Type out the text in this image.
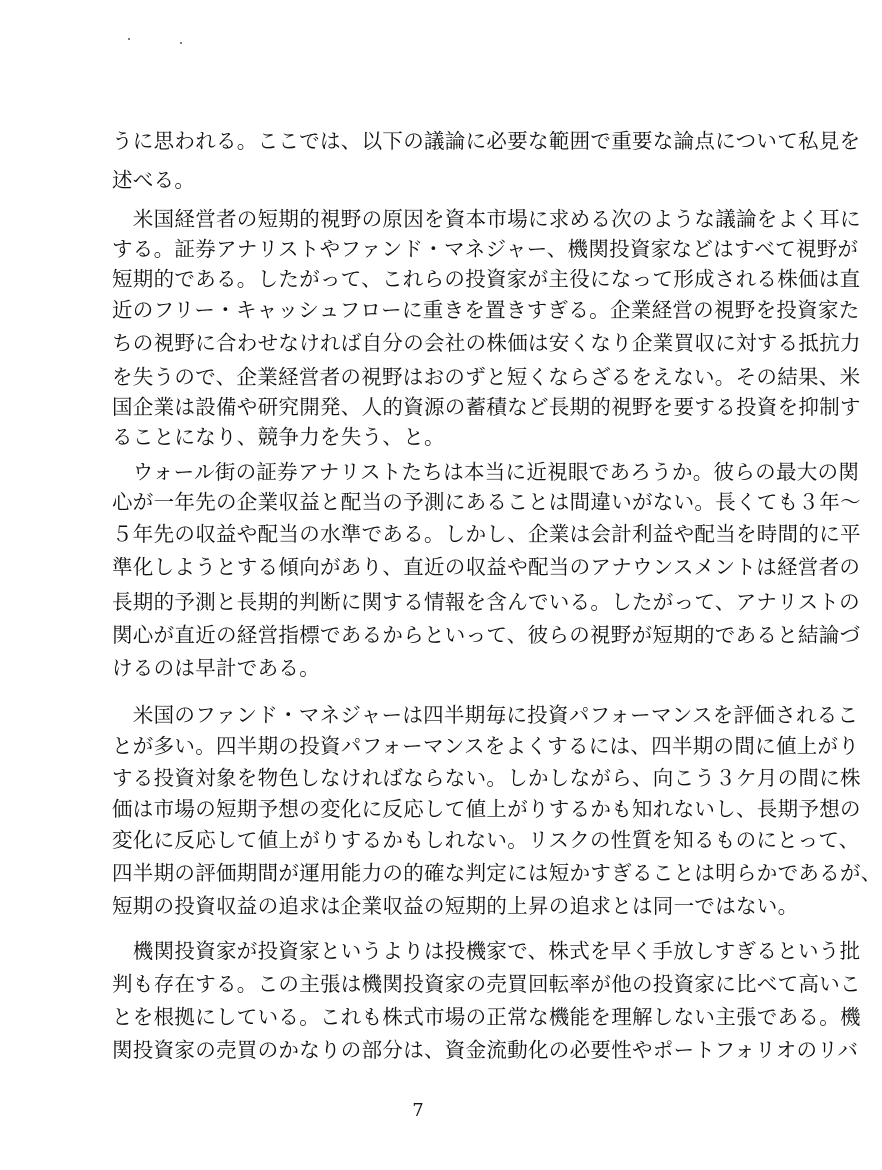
うに思われる。ここでは、以下の議論に必要な範囲で重要な論点について私見を
述べる。
　米国経営者の短期的視野の原因を資本市場に求める次のような議論をよく耳に
する。証券アナリストやファンド・マネジャー、機関投資家などはすべて視野が
短期的である。したがって、これらの投資家が主役になって形成される株価は直
近のフリー・キャッシュフローに重きを置きすぎる。企業経営の視野を投資家た
ちの視野に合わせなければ自分の会社の株価は安くなり企業買収に対する抵抗力
を失うので、企業経営者の視野はおのずと短くならざるをえない。その結果、米
国企業は設備や研究開発、人的資源の蓄積など長期的視野を要する投資を抑制す
ることになり、競争力を失う、と。
　ウォール街の証券アナリストたちは本当に近視眼であろうか。彼らの最大の関
心が一年先の企業収益と配当の予測にあることは間違いがない。長くても３年〜
５年先の収益や配当の水準である。しかし、企業は会計利益や配当を時間的に平
準化しようとする傾向があり、直近の収益や配当のアナウンスメントは経営者の
長期的予測と長期的判断に関する情報を含んでいる。したがって、アナリストの
関心が直近の経営指標であるからといって、彼らの視野が短期的であると結論づ
けるのは早計である。
　米国のファンド・マネジャーは四半期毎に投資パフォーマンスを評価されるこ
とが多い。四半期の投資パフォーマンスをよくするには、四半期の間に値上がり
する投資対象を物色しなければならない。しかしながら、向こう３ケ月の間に株
価は市場の短期予想の変化に反応して値上がりするかも知れないし、長期予想の
変化に反応して値上がりするかもしれない。リスクの性質を知るものにとって、
四半期の評価期間が運用能力の的確な判定には短かすぎることは明らかであるが、
短期の投資収益の追求は企業収益の短期的上昇の追求とは同一ではない。
　機関投資家が投資家というよりは投機家で、株式を早く手放しすぎるという批
判も存在する。この主張は機関投資家の売買回転率が他の投資家に比べて高いこ
とを根拠にしている。これも株式市場の正常な機能を理解しない主張である。機
関投資家の売買のかなりの部分は、資金流動化の必要性やポートフォリオのリバ
7
